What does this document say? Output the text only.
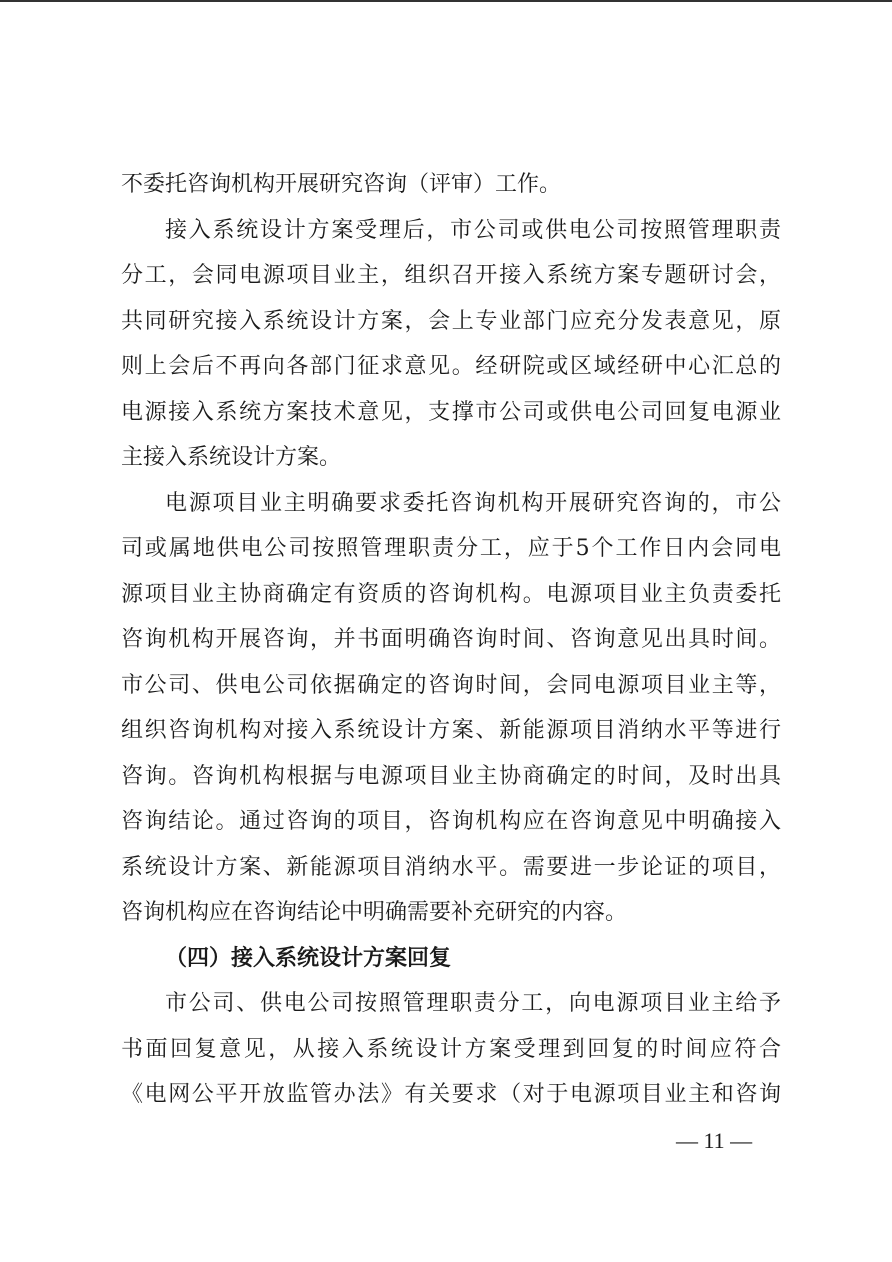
不委托咨询机构开展研究咨询（评审）工作。
接入系统设计方案受理后，市公司或供电公司按照管理职责
分工，会同电源项目业主，组织召开接入系统方案专题研讨会，
共同研究接入系统设计方案，会上专业部门应充分发表意见，原
则上会后不再向各部门征求意见。经研院或区域经研中心汇总的
电源接入系统方案技术意见，支撑市公司或供电公司回复电源业
主接入系统设计方案。
电源项目业主明确要求委托咨询机构开展研究咨询的，市公
司或属地供电公司按照管理职责分工，应于5个工作日内会同电
源项目业主协商确定有资质的咨询机构。电源项目业主负责委托
咨询机构开展咨询，并书面明确咨询时间、咨询意见出具时间。
市公司、供电公司依据确定的咨询时间，会同电源项目业主等，
组织咨询机构对接入系统设计方案、新能源项目消纳水平等进行
咨询。咨询机构根据与电源项目业主协商确定的时间，及时出具
咨询结论。通过咨询的项目，咨询机构应在咨询意见中明确接入
系统设计方案、新能源项目消纳水平。需要进一步论证的项目，
咨询机构应在咨询结论中明确需要补充研究的内容。
（四）接入系统设计方案回复
市公司、供电公司按照管理职责分工，向电源项目业主给予
书面回复意见，从接入系统设计方案受理到回复的时间应符合
《电网公平开放监管办法》有关要求（对于电源项目业主和咨询
— 11 —
